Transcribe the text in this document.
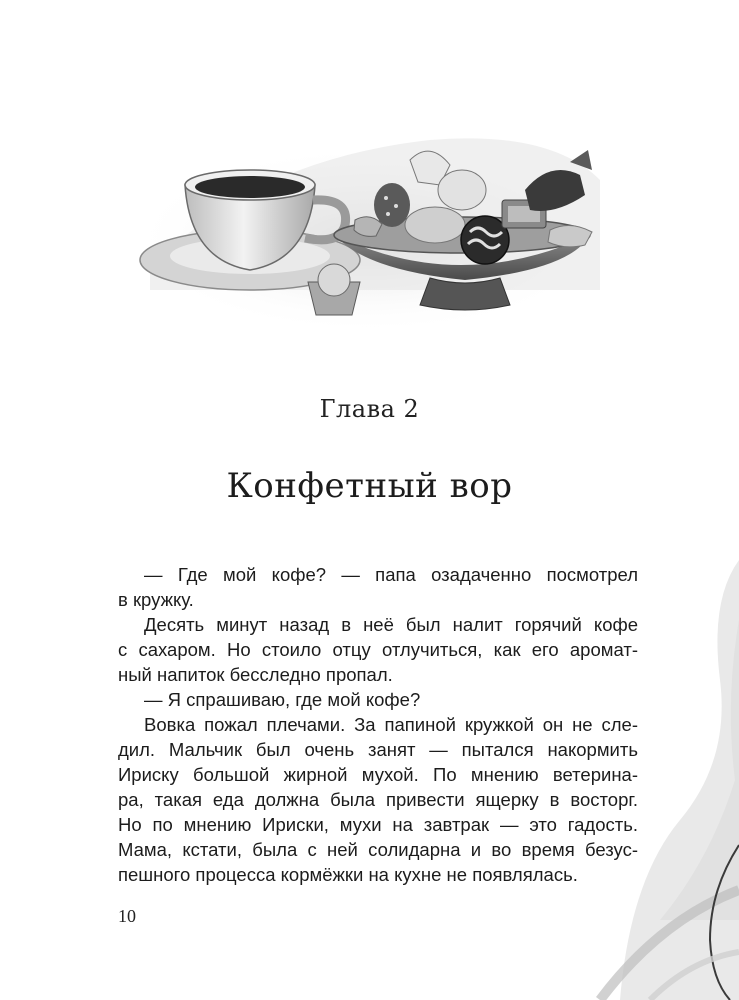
Глава 2
Конфетный вор
— Где мой кофе? — папа озадаченно посмотрел
в кружку.
Десять минут назад в неё был налит горячий кофе
с сахаром. Но стоило отцу отлучиться, как его аромат-
ный напиток бесследно пропал.
— Я спрашиваю, где мой кофе?
Вовка пожал плечами. За папиной кружкой он не сле-
дил. Мальчик был очень занят — пытался накормить
Ириску большой жирной мухой. По мнению ветерина-
ра, такая еда должна была привести ящерку в восторг.
Но по мнению Ириски, мухи на завтрак — это гадость.
Мама, кстати, была с ней солидарна и во время безус-
пешного процесса кормёжки на кухне не появлялась.
10
